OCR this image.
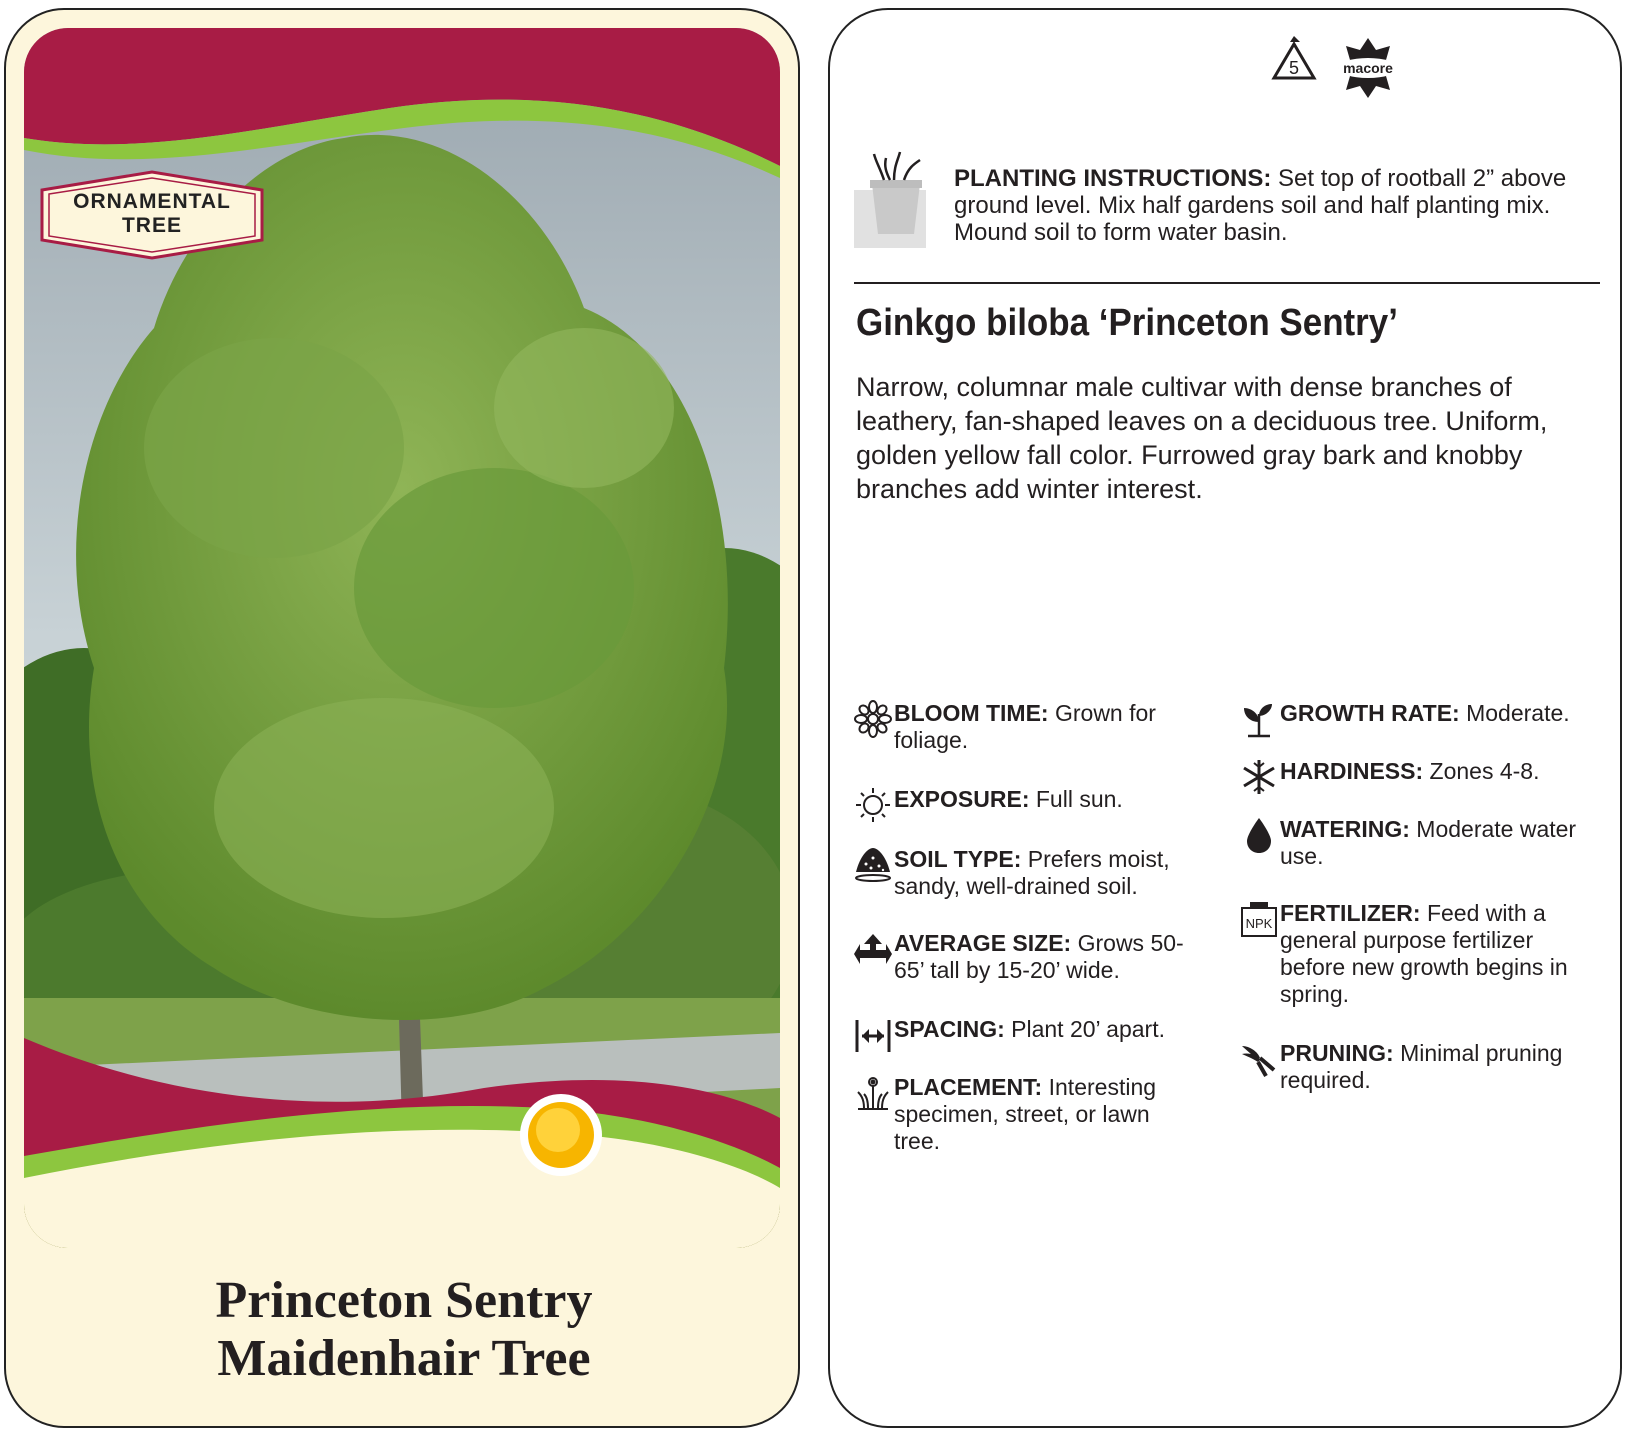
ORNAMENTAL
TREE
Princeton Sentry
Maidenhair Tree
5	macore
PLANTING INSTRUCTIONS: Set top of rootball 2” above ground level. Mix half gardens soil and half planting mix. Mound soil to form water basin.
Ginkgo biloba ‘Princeton Sentry’
Narrow, columnar male cultivar with dense branches of leathery, fan-shaped leaves on a deciduous tree. Uniform, golden yellow fall color. Furrowed gray bark and knobby branches add winter interest.
BLOOM TIME: Grown for foliage.
EXPOSURE: Full sun.
SOIL TYPE: Prefers moist, sandy, well-drained soil.
AVERAGE SIZE: Grows 50-65’ tall by 15-20’ wide.
SPACING: Plant 20’ apart.
PLACEMENT: Interesting specimen, street, or lawn tree.
GROWTH RATE: Moderate.
HARDINESS: Zones 4-8.
WATERING: Moderate water use.
NPK FERTILIZER: Feed with a general purpose fertilizer before new growth begins in spring.
PRUNING: Minimal pruning required.
